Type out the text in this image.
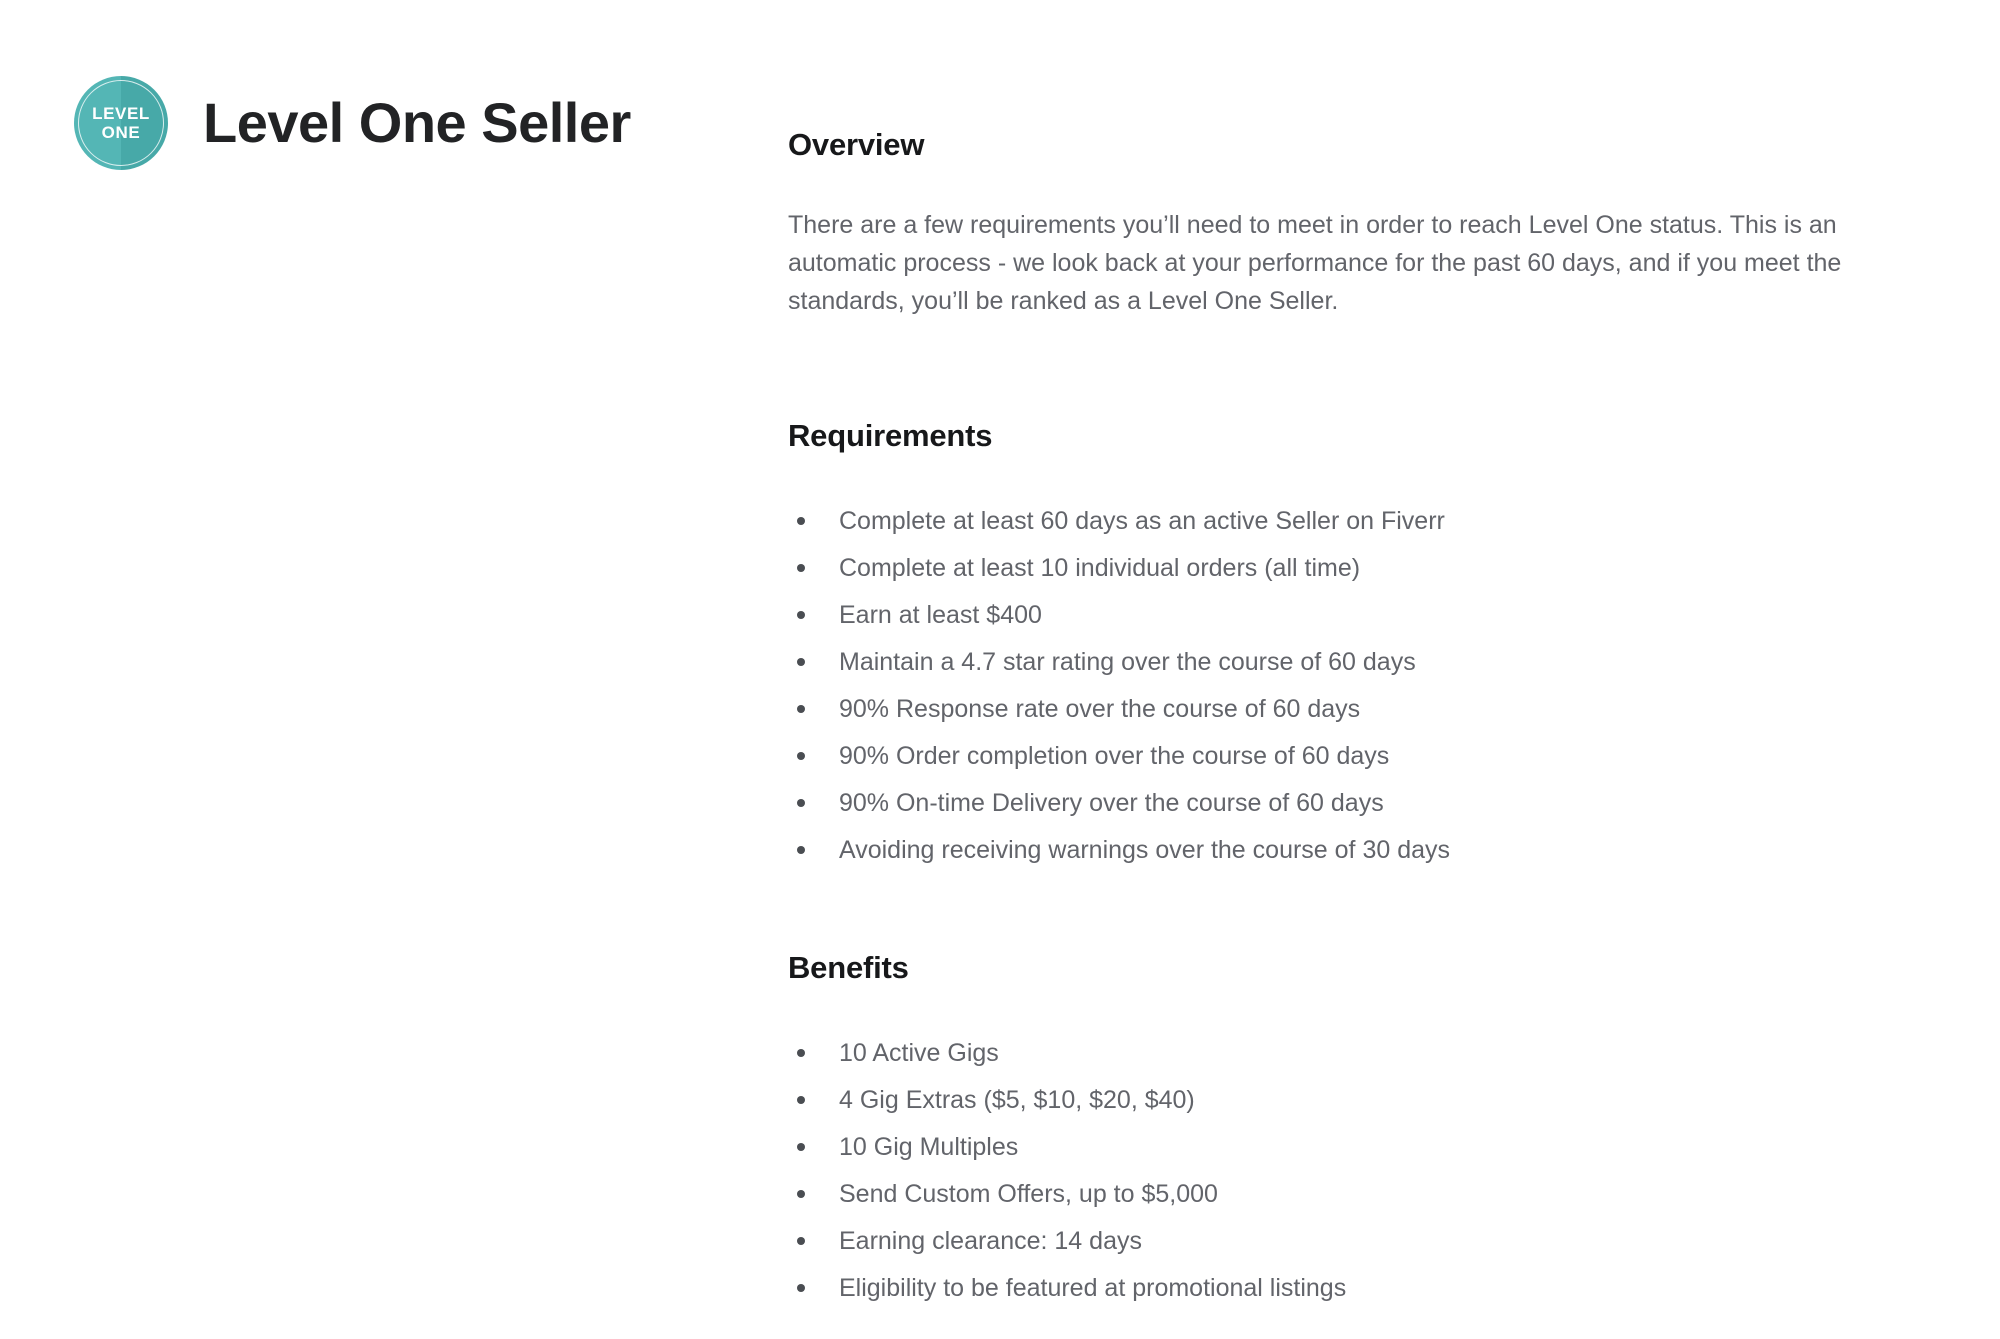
LEVEL
ONE Level One Seller	Overview

There are a few requirements you’ll need to meet in order to reach Level One status. This is an automatic process - we look back at your performance for the past 60 days, and if you meet the standards, you’ll be ranked as a Level One Seller.

Requirements
Complete at least 60 days as an active Seller on Fiverr
Complete at least 10 individual orders (all time)
Earn at least $400
Maintain a 4.7 star rating over the course of 60 days
90% Response rate over the course of 60 days
90% Order completion over the course of 60 days
90% On-time Delivery over the course of 60 days
Avoiding receiving warnings over the course of 30 days
Benefits
10 Active Gigs
4 Gig Extras ($5, $10, $20, $40)
10 Gig Multiples
Send Custom Offers, up to $5,000
Earning clearance: 14 days
Eligibility to be featured at promotional listings
